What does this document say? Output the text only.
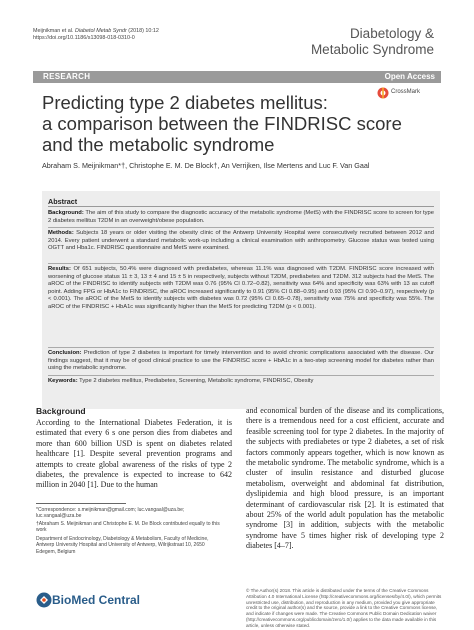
Meijnikman et al. Diabetol Metab Syndr (2018) 10:12
https://doi.org/10.1186/s13098-018-0310-0	Diabetology &
Metabolic Syndrome
RESEARCH	Open Access
CrossMark
Predicting type 2 diabetes mellitus:
a comparison between the FINDRISC score
and the metabolic syndrome
Abraham S. Meijnikman*†, Christophe E. M. De Block†, An Verrijken, Ilse Mertens and Luc F. Van Gaal
Abstract
Background: The aim of this study to compare the diagnostic accuracy of the metabolic syndrome (MetS) with the FINDRISC score to screen for type 2 diabetes mellitus T2DM in an overweight/obese population.
Methods: Subjects 18 years or older visiting the obesity clinic of the Antwerp University Hospital were consecutively recruited between 2012 and 2014. Every patient underwent a standard metabolic work-up including a clinical examination with anthropometry. Glucose status was tested using OGTT and Hba1c. FINDRISC questionnaire and MetS were examined.
Results: Of 651 subjects, 50.4% were diagnosed with prediabetes, whereas 11.1% was diagnosed with T2DM. FINDRISC score increased with worsening of glucose status 11 ± 3, 13 ± 4 and 15 ± 5 in respectively, subjects without T2DM, prediabetes and T2DM. 312 subjects had the MetS. The aROC of the FINDRISC to identify subjects with T2DM was 0.76 (95% CI 0.72–0.82), sensitivity was 64% and specificity was 63% with 13 as cutoff point. Adding FPG or HbA1c to FINDRISC, the aROC increased significantly to 0.91 (95% CI 0.88–0.95) and 0.93 (95% CI 0.90–0.97), respectively (p < 0.001). The aROC of the MetS to identify subjects with diabetes was 0.72 (95% CI 0.65–0.78), sensitivity was 75% and specificity was 55%. The aROC of the FINDRISC + HbA1c was significantly higher than the MetS for predicting T2DM (p < 0.001).
Conclusion: Prediction of type 2 diabetes is important for timely intervention and to avoid chronic complications associated with the disease. Our findings suggest, that it may be of good clinical practice to use the FINDRISC score + HbA1c in a two-step screening model for diabetes rather than using the metabolic syndrome.
Keywords: Type 2 diabetes mellitus, Prediabetes, Screening, Metabolic syndrome, FINDRISC, Obesity
Background
According to the International Diabetes Federation, it is estimated that every 6 s one person dies from diabetes and more than 600 billion USD is spent on diabetes related healthcare [1]. Despite several prevention programs and attempts to create global awareness of the risks of type 2 diabetes, the prevalence is expected to increase to 642 million in 2040 [1]. Due to the human
and economical burden of the disease and its complications, there is a tremendous need for a cost efficient, accurate and feasible screening tool for type 2 diabetes. In the majority of the subjects with prediabetes or type 2 diabetes, a set of risk factors commonly appears together, which is now known as the metabolic syndrome. The metabolic syndrome, which is a cluster of insulin resistance and disturbed glucose metabolism, overweight and abdominal fat distribution, dyslipidemia and high blood pressure, is an important determinant of cardiovascular risk [2]. It is estimated that about 25% of the world adult population has the metabolic syndrome [3] in addition, subjects with the metabolic syndrome have 5 times higher risk of developing type 2 diabetes [4–7].
*Correspondence: s.meijnikman@gmail.com; luc.vangaal@uza.be; luc.vangaal@uza.be
†Abraham S. Meijnikman and Christophe E. M. De Block contributed equally to this work
Department of Endocrinology, Diabetology & Metabolism, Faculty of Medicine, Antwerp University Hospital and University of Antwerp, Wilrijkstraat 10, 2650 Edegem, Belgium
© The Author(s) 2018. This article is distributed under the terms of the Creative Commons Attribution 4.0 International License (http://creativecommons.org/licenses/by/4.0/), which permits unrestricted use, distribution, and reproduction in any medium, provided you give appropriate credit to the original author(s) and the source, provide a link to the Creative Commons license, and indicate if changes were made. The Creative Commons Public Domain Dedication waiver (http://creativecommons.org/publicdomain/zero/1.0/) applies to the data made available in this article, unless otherwise stated.
BioMed Central
